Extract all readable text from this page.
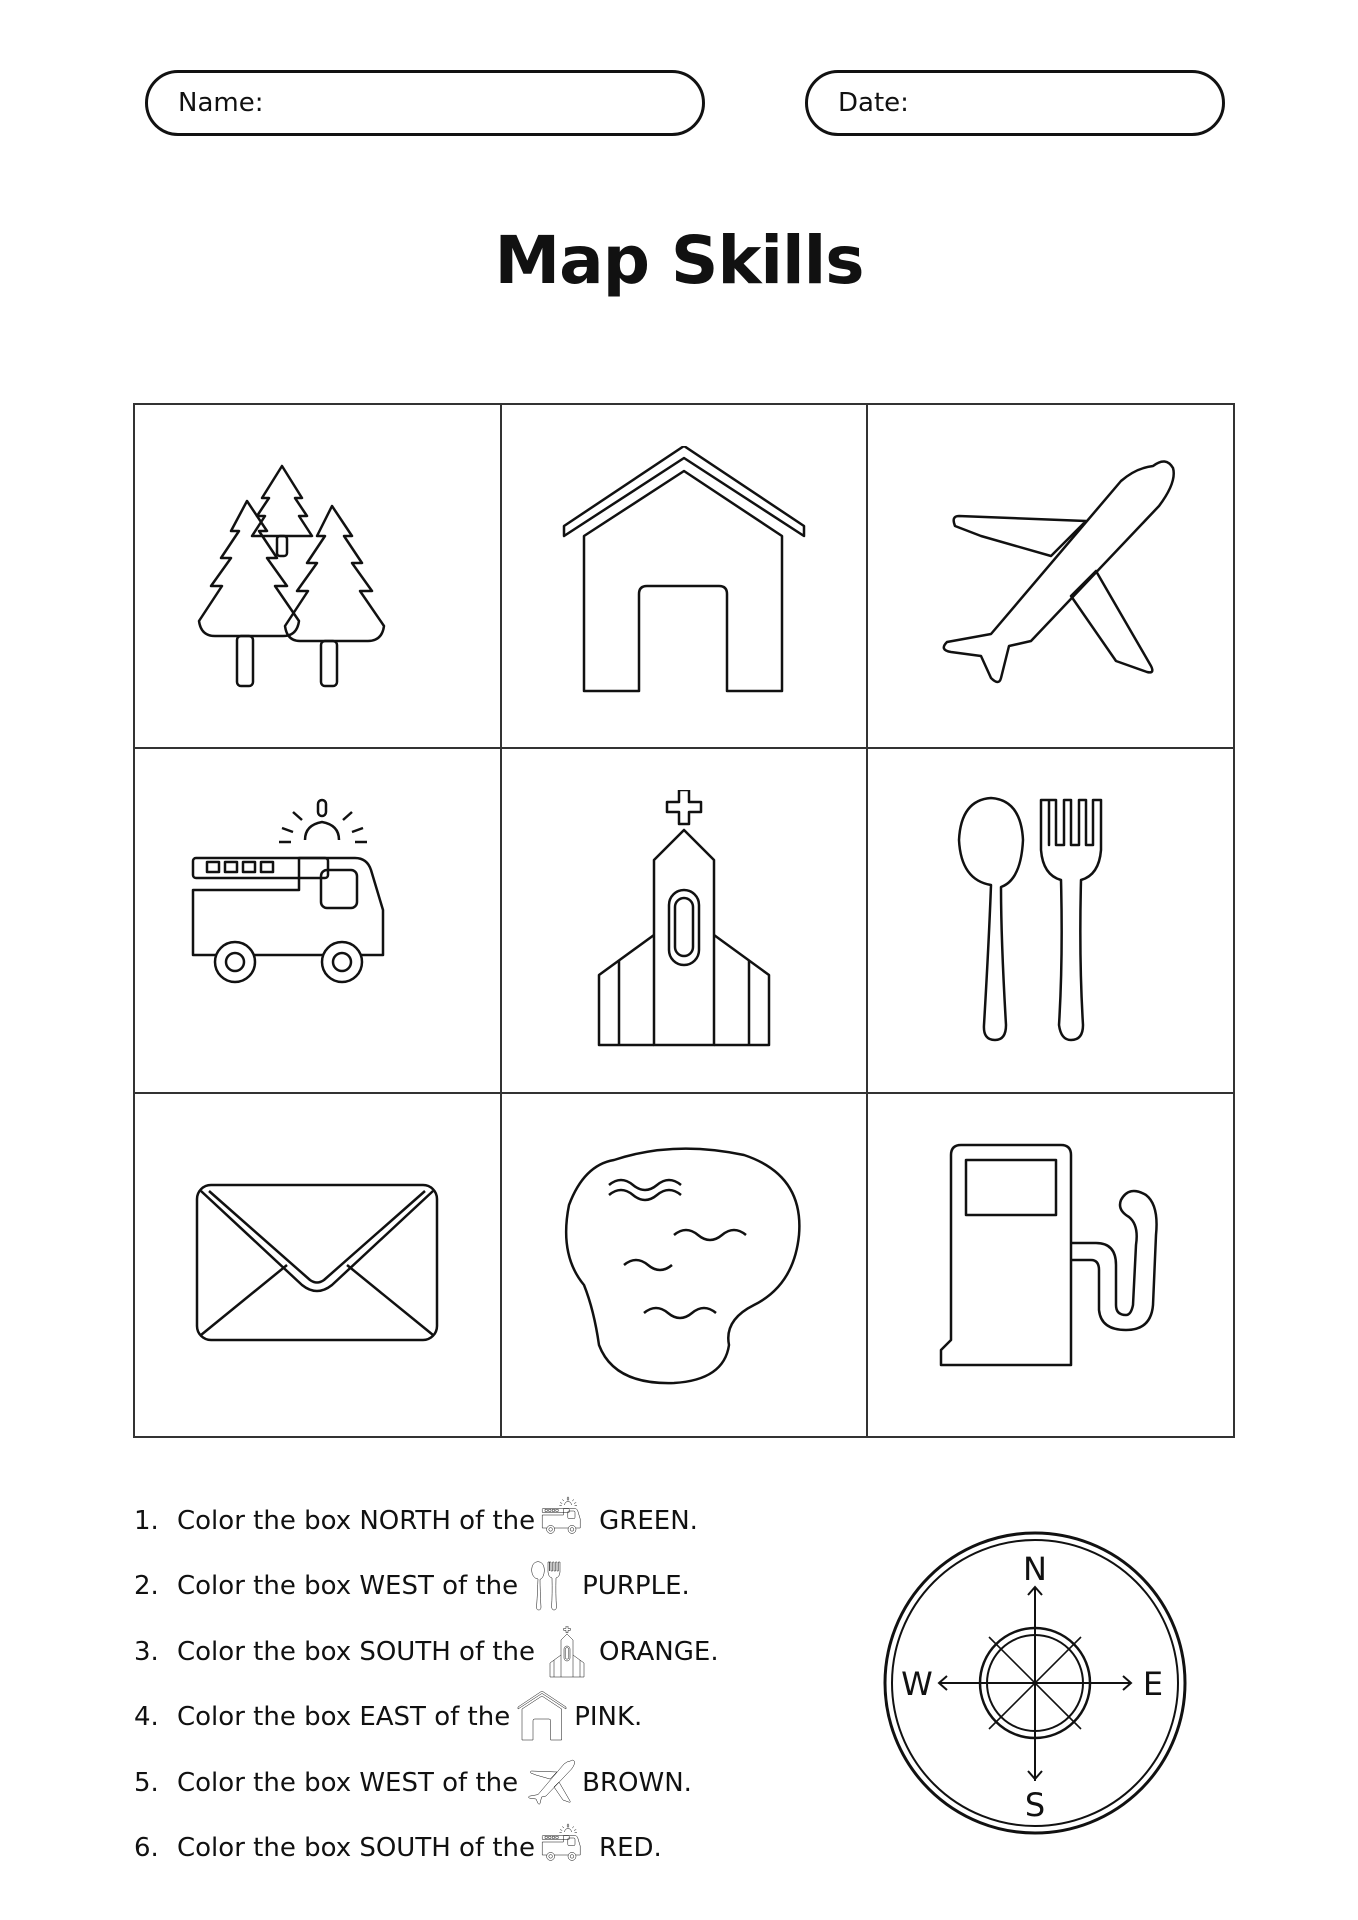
Name:	Date:
Map Skills
1. Color the box NORTH of the GREEN.
2. Color the box WEST of the PURPLE.
3. Color the box SOUTH of the ORANGE.
4. Color the box EAST of the PINK.
5. Color the box WEST of the BROWN.
6. Color the box SOUTH of the RED.
N
S
W	E
